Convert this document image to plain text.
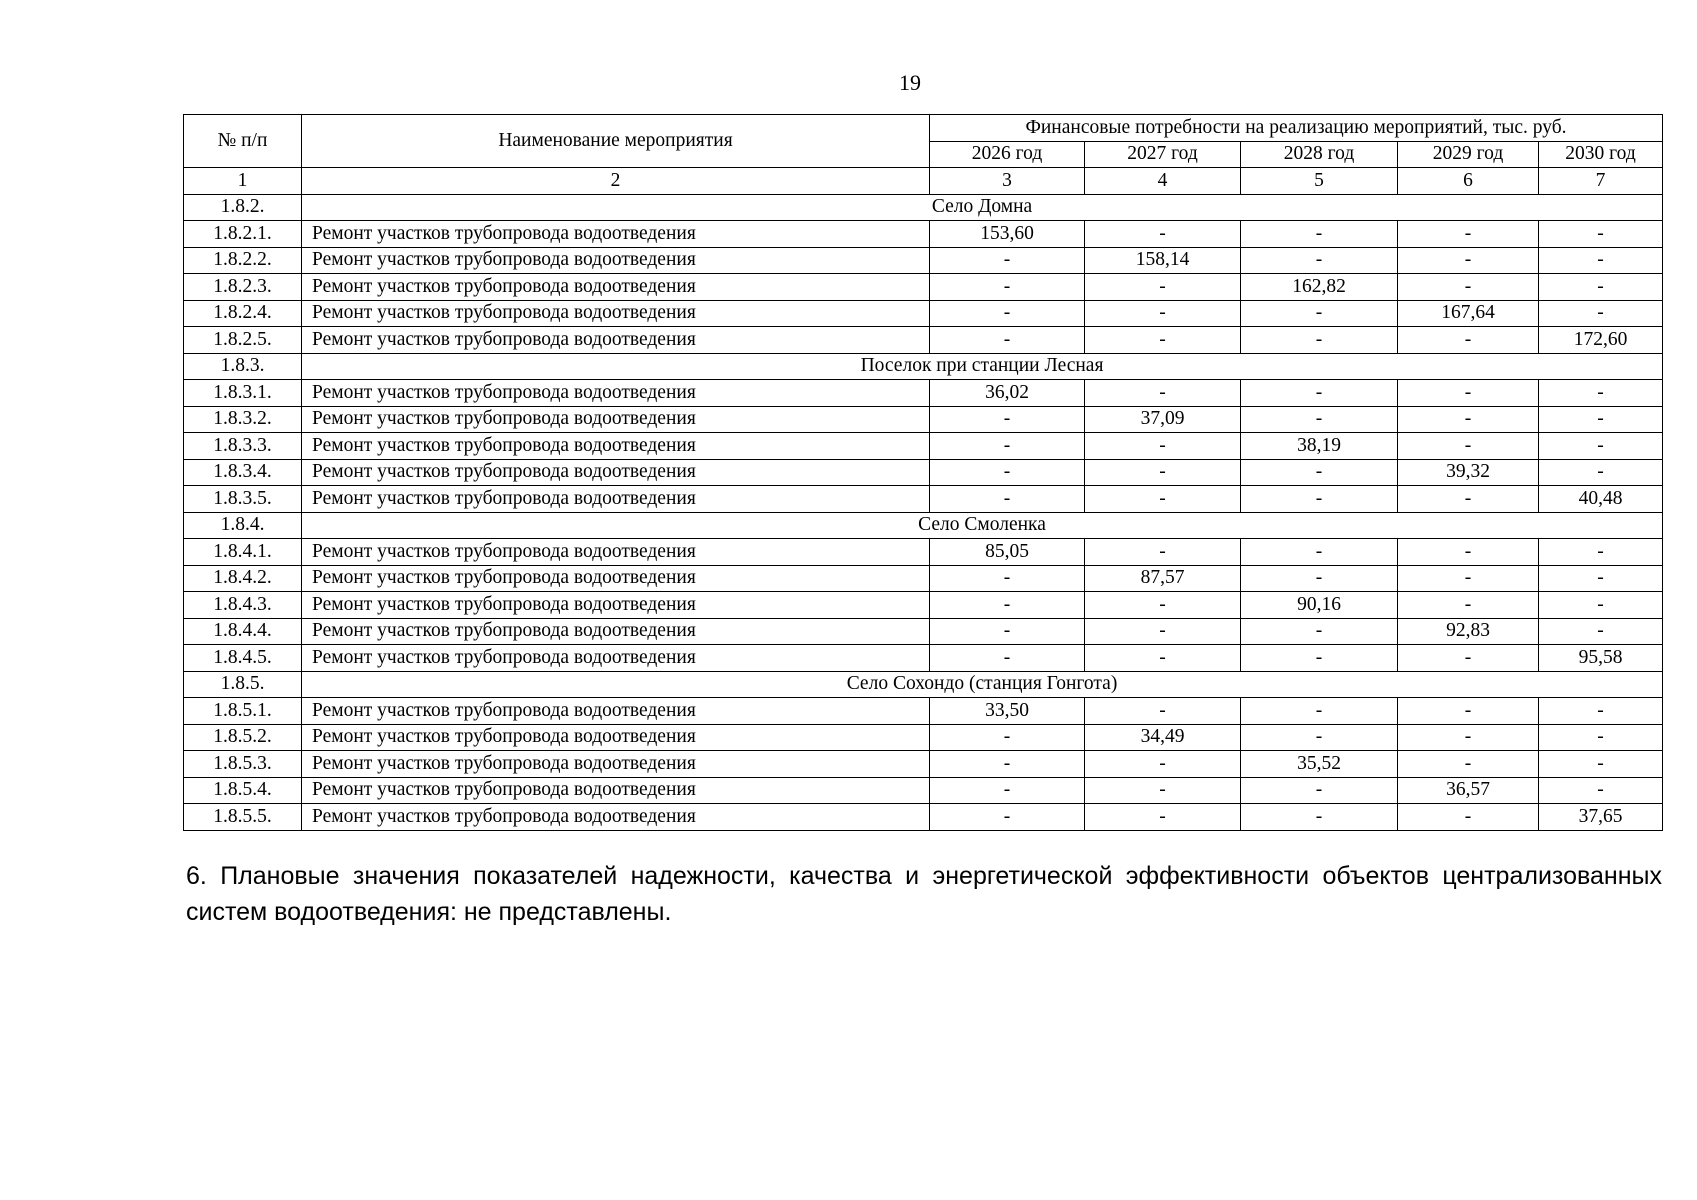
19
№ п/п	Наименование мероприятия	Финансовые потребности на реализацию мероприятий, тыс. руб.				
		2026 год	2027 год	2028 год	2029 год	2030 год
1	2	3	4	5	6	7
1.8.2.	Село Домна					
1.8.2.1.	Ремонт участков трубопровода водоотведения	153,60	-	-	-	-
1.8.2.2.	Ремонт участков трубопровода водоотведения	-	158,14	-	-	-
1.8.2.3.	Ремонт участков трубопровода водоотведения	-	-	162,82	-	-
1.8.2.4.	Ремонт участков трубопровода водоотведения	-	-	-	167,64	-
1.8.2.5.	Ремонт участков трубопровода водоотведения	-	-	-	-	172,60
1.8.3.	Поселок при станции Лесная					
1.8.3.1.	Ремонт участков трубопровода водоотведения	36,02	-	-	-	-
1.8.3.2.	Ремонт участков трубопровода водоотведения	-	37,09	-	-	-
1.8.3.3.	Ремонт участков трубопровода водоотведения	-	-	38,19	-	-
1.8.3.4.	Ремонт участков трубопровода водоотведения	-	-	-	39,32	-
1.8.3.5.	Ремонт участков трубопровода водоотведения	-	-	-	-	40,48
1.8.4.	Село Смоленка					
1.8.4.1.	Ремонт участков трубопровода водоотведения	85,05	-	-	-	-
1.8.4.2.	Ремонт участков трубопровода водоотведения	-	87,57	-	-	-
1.8.4.3.	Ремонт участков трубопровода водоотведения	-	-	90,16	-	-
1.8.4.4.	Ремонт участков трубопровода водоотведения	-	-	-	92,83	-
1.8.4.5.	Ремонт участков трубопровода водоотведения	-	-	-	-	95,58
1.8.5.	Село Сохондо (станция Гонгота)					
1.8.5.1.	Ремонт участков трубопровода водоотведения	33,50	-	-	-	-
1.8.5.2.	Ремонт участков трубопровода водоотведения	-	34,49	-	-	-
1.8.5.3.	Ремонт участков трубопровода водоотведения	-	-	35,52	-	-
1.8.5.4.	Ремонт участков трубопровода водоотведения	-	-	-	36,57	-
1.8.5.5.	Ремонт участков трубопровода водоотведения	-	-	-	-	37,65
6. Плановые значения показателей надежности, качества и энергетической эффективности объектов централизованных систем водоотведения: не представлены.
